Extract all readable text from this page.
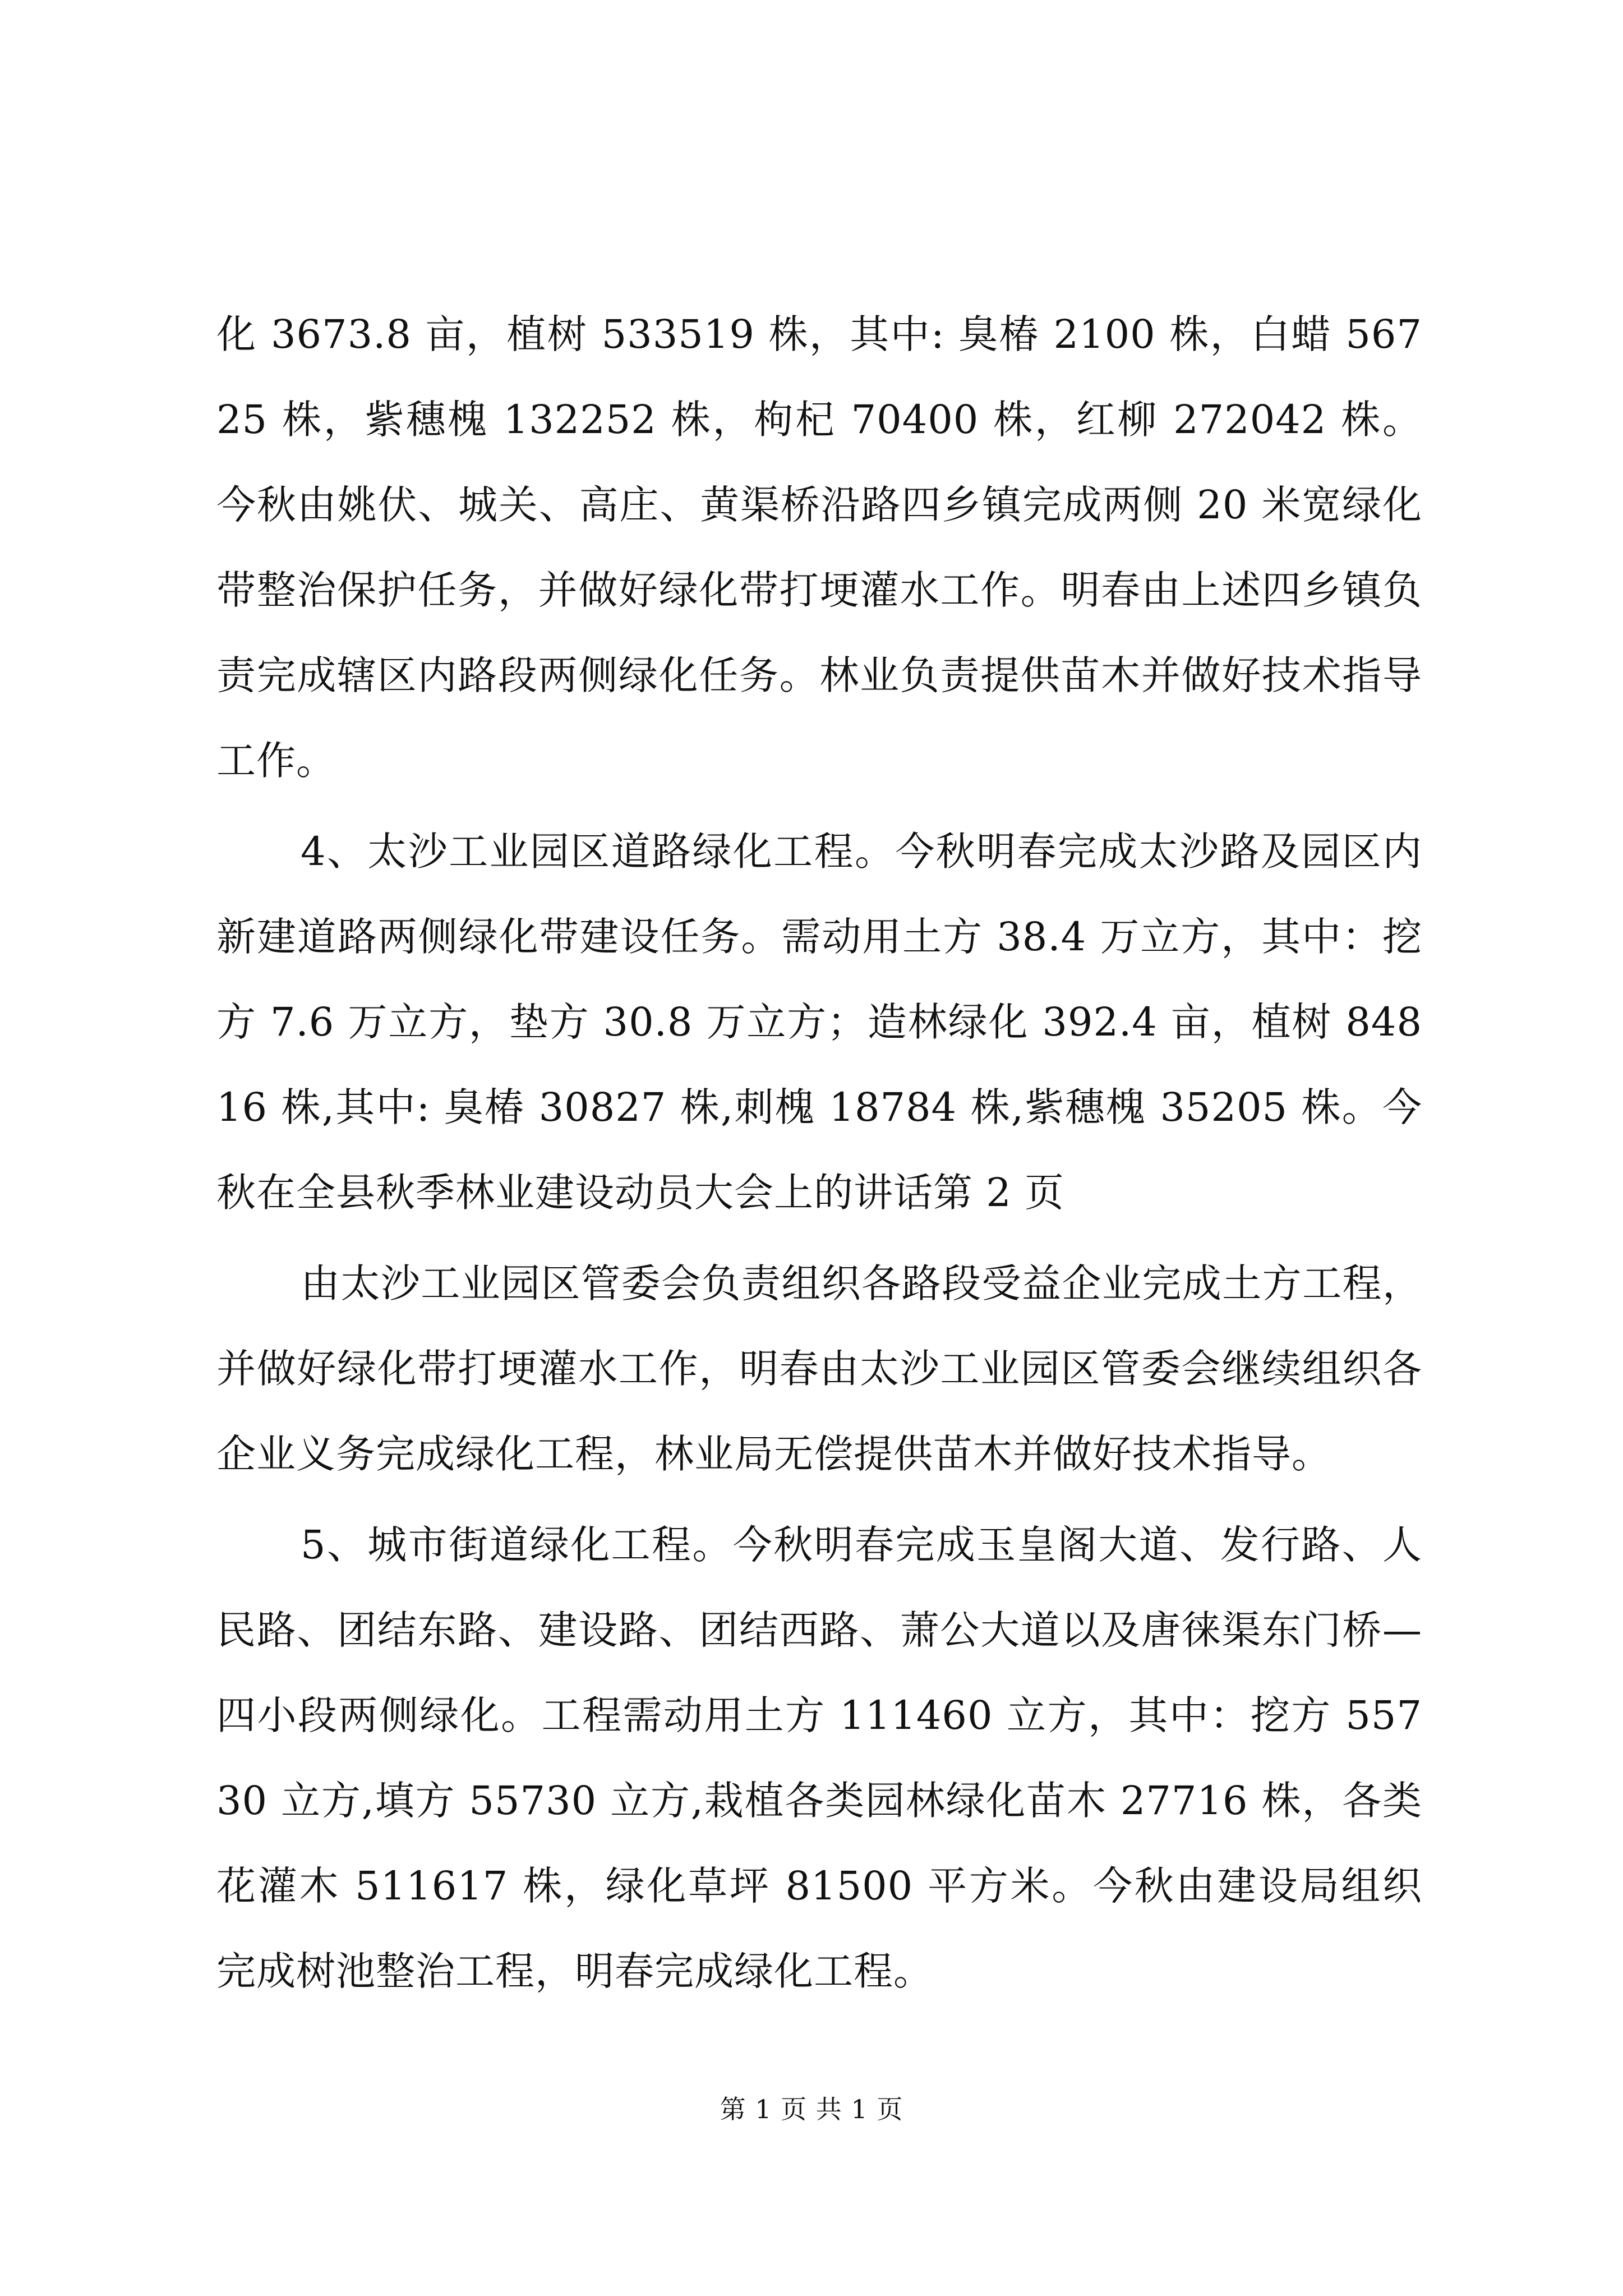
化 3673.8 亩，植树 533519 株，其中: 臭椿 2100 株，白蜡 56725 株，紫穗槐 132252 株，枸杞 70400 株，红柳 272042 株。今秋由姚伏、城关、高庄、黄渠桥沿路四乡镇完成两侧 20 米宽绿化带整治保护任务，并做好绿化带打埂灌水工作。明春由上述四乡镇负责完成辖区内路段两侧绿化任务。林业负责提供苗木并做好技术指导工作。

4、太沙工业园区道路绿化工程。今秋明春完成太沙路及园区内新建道路两侧绿化带建设任务。需动用土方 38.4 万立方，其中：挖方 7.6 万立方，垫方 30.8 万立方；造林绿化 392.4 亩，植树 84816 株,其中: 臭椿 30827 株,刺槐 18784 株,紫穗槐 35205 株。今秋在全县秋季林业建设动员大会上的讲话第 2 页

由太沙工业园区管委会负责组织各路段受益企业完成土方工程，并做好绿化带打埂灌水工作，明春由太沙工业园区管委会继续组织各企业义务完成绿化工程，林业局无偿提供苗木并做好技术指导。

5、城市街道绿化工程。今秋明春完成玉皇阁大道、发行路、人民路、团结东路、建设路、团结西路、萧公大道以及唐徕渠东门桥—四小段两侧绿化。工程需动用土方 111460 立方，其中：挖方 55730 立方,填方 55730 立方,栽植各类园林绿化苗木 27716 株，各类花灌木 511617 株，绿化草坪 81500 平方米。今秋由建设局组织完成树池整治工程，明春完成绿化工程。

第 1 页 共 1 页
